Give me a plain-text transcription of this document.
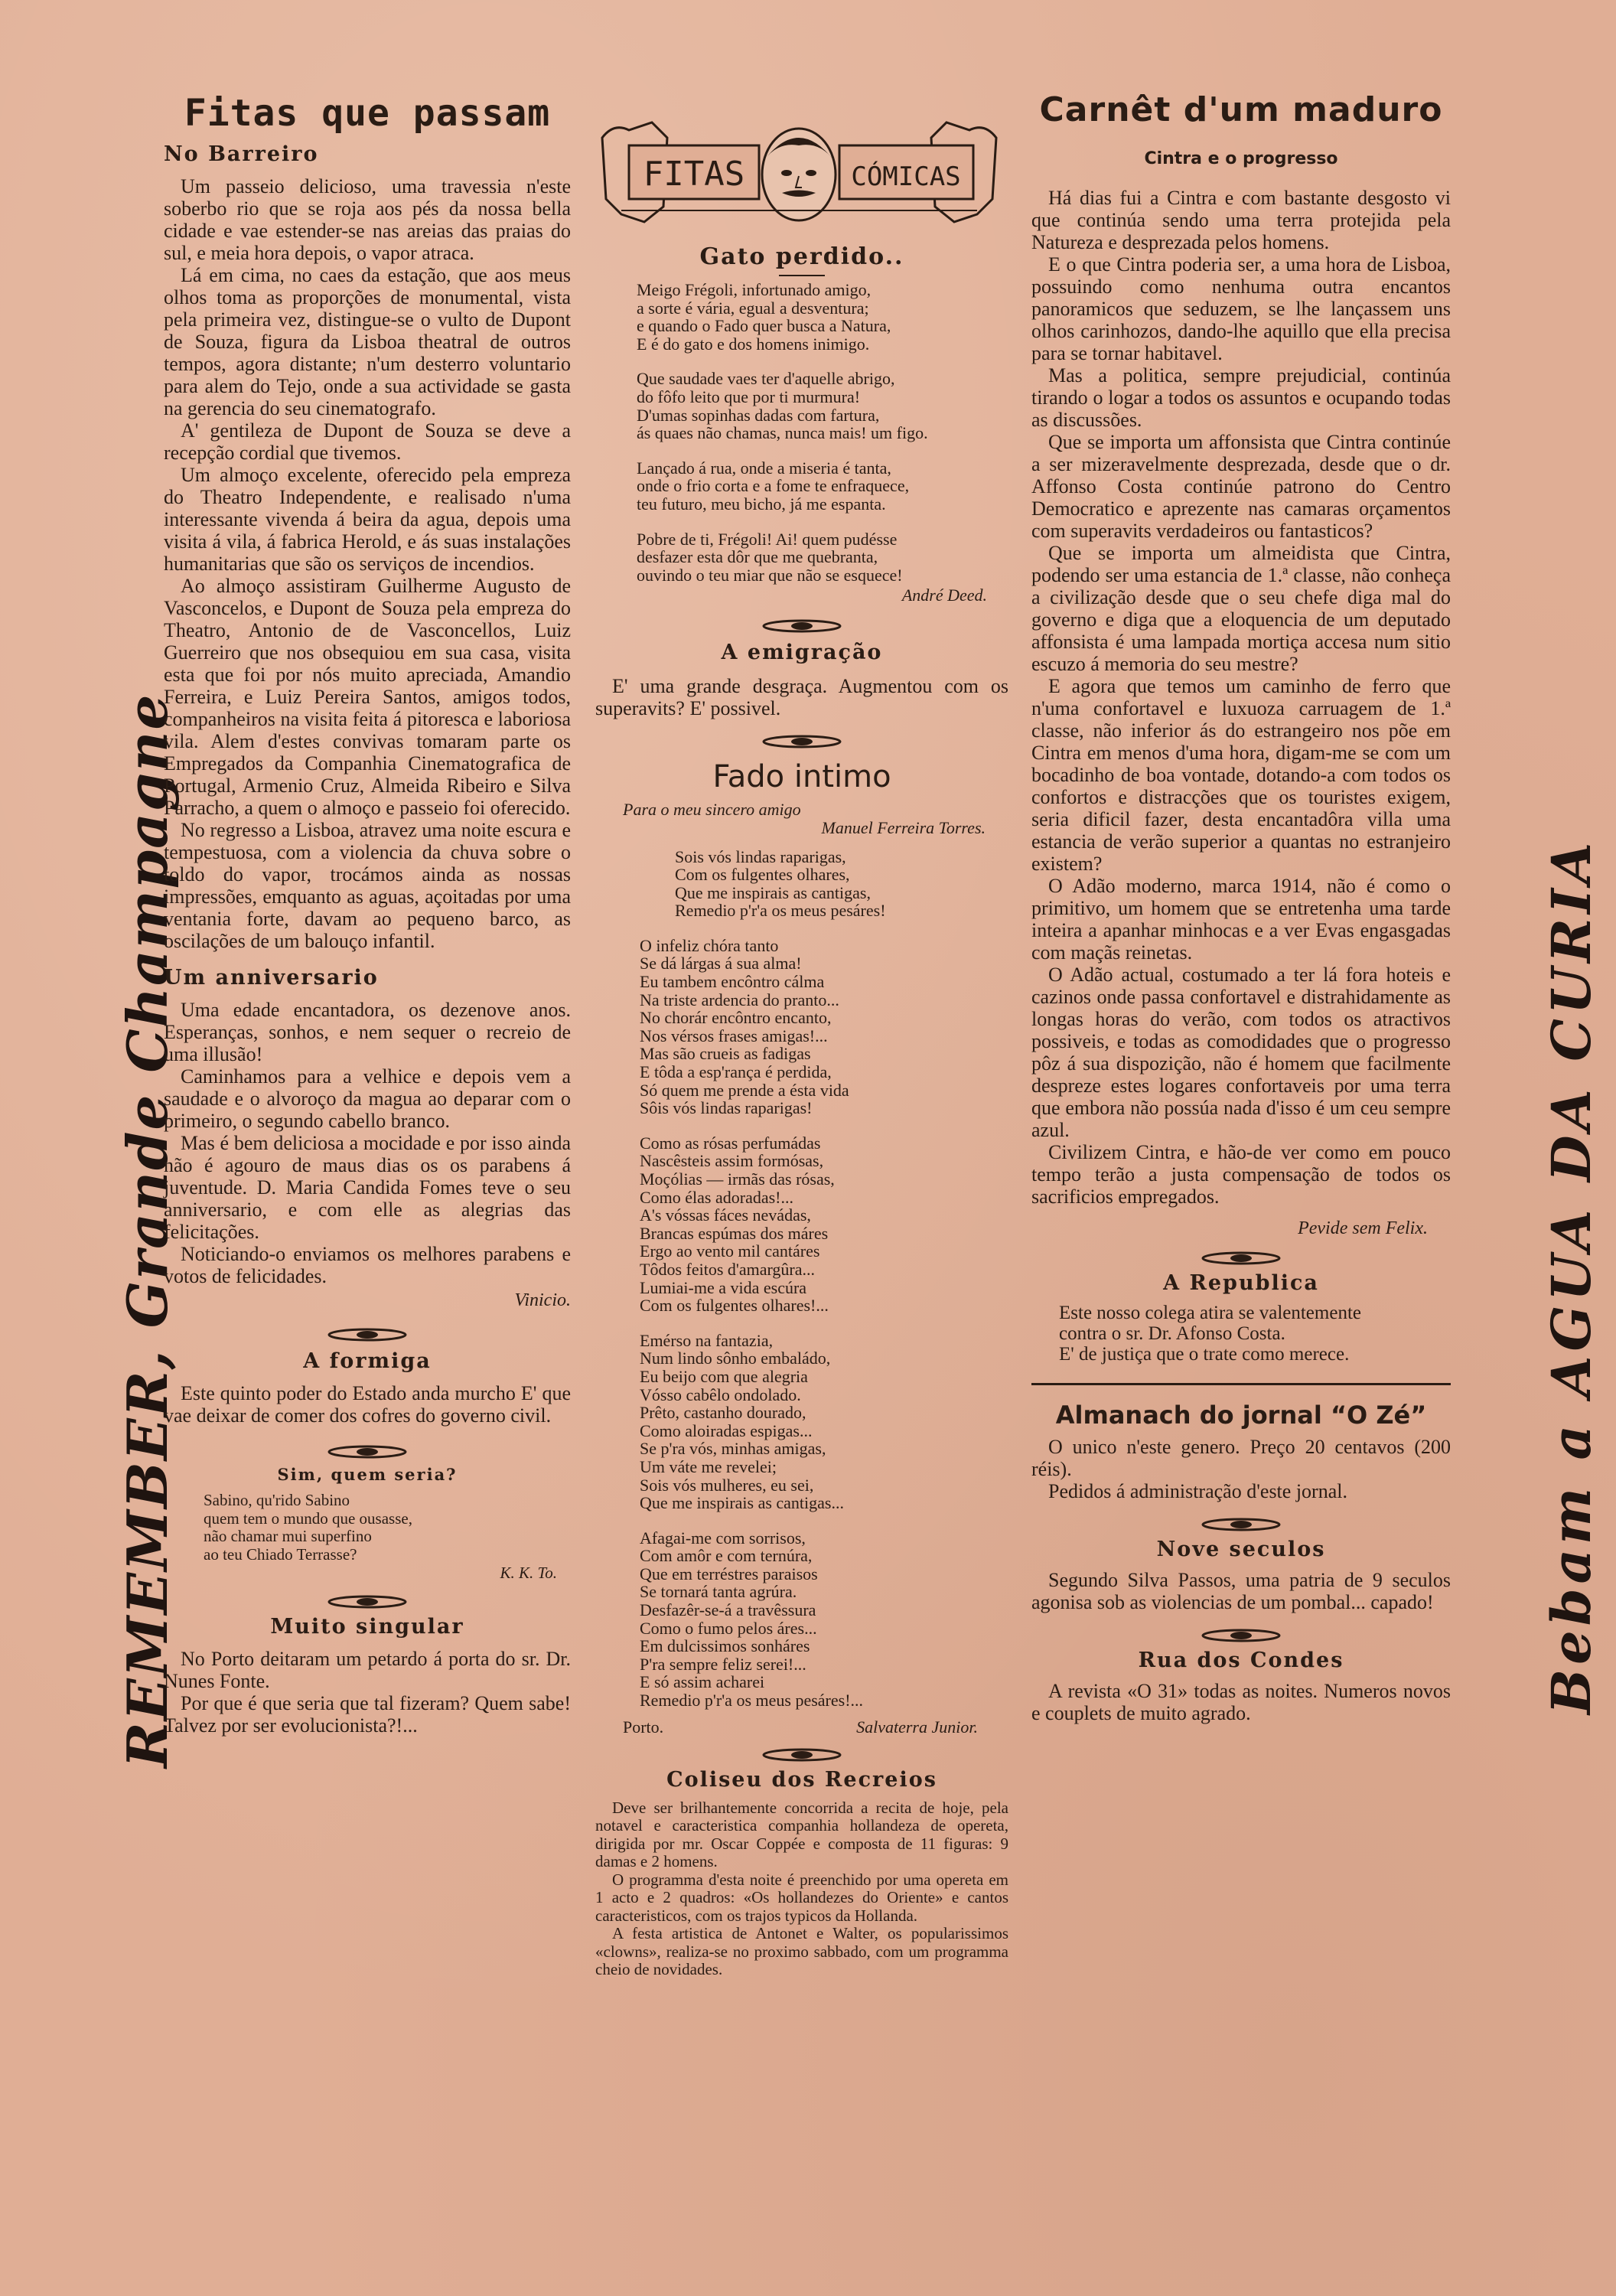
REMEMBER, Grande Champagne	Bebam a AGUA DA CURIA
Fitas que passam
No Barreiro

Um passeio delicioso, uma travessia n'este soberbo rio que se roja aos pés da nossa bella cidade e vae estender-se nas areias das praias do sul, e meia hora depois, o vapor atraca.

Lá em cima, no caes da estação, que aos meus olhos toma as proporções de monumental, vista pela primeira vez, distingue-se o vulto de Dupont de Souza, figura da Lisboa theatral de outros tempos, agora distante; n'um desterro voluntario para alem do Tejo, onde a sua actividade se gasta na gerencia do seu cinematografo.

A' gentileza de Dupont de Souza se deve a recepção cordial que tivemos.

Um almoço excelente, oferecido pela empreza do Theatro Independente, e realisado n'uma interessante vivenda á beira da agua, depois uma visita á vila, á fabrica Herold, e ás suas instalações humanitarias que são os serviços de incendios.

Ao almoço assistiram Guilherme Augusto de Vasconcelos, e Dupont de Souza pela empreza do Theatro, Antonio de de Vasconcellos, Luiz Guerreiro que nos obsequiou em sua casa, visita esta que foi por nós muito apreciada, Amandio Ferreira, e Luiz Pereira Santos, amigos todos, companheiros na visita feita á pitoresca e laboriosa vila. Alem d'estes convivas tomaram parte os Empregados da Companhia Cinematografica de Portugal, Armenio Cruz, Almeida Ribeiro e Silva Parracho, a quem o almoço e passeio foi oferecido.

No regresso a Lisboa, atravez uma noite escura e tempestuosa, com a violencia da chuva sobre o toldo do vapor, trocámos ainda as nossas impressões, emquanto as aguas, açoitadas por uma ventania forte, davam ao pequeno barco, as oscilações de um balouço infantil.

Um anniversario

Uma edade encantadora, os dezenove anos. Esperanças, sonhos, e nem sequer o recreio de uma illusão!

Caminhamos para a velhice e depois vem a saudade e o alvoroço da magua ao deparar com o primeiro, o segundo cabello branco.

Mas é bem deliciosa a mocidade e por isso ainda não é agouro de maus dias os os parabens á juventude. D. Maria Candida Fomes teve o seu anniversario, e com elle as alegrias das felicitações.

Noticiando-o enviamos os melhores parabens e votos de felicidades.

Vinicio.

A formiga

Este quinto poder do Estado anda murcho E' que vae deixar de comer dos cofres do governo civil.

Sim, quem seria?
Sabino, qu'rido Sabino
quem tem o mundo que ousasse,
não chamar mui superfino
ao teu Chiado Terrasse?

K. K. To.

Muito singular

No Porto deitaram um petardo á porta do sr. Dr. Nunes Fonte.

Por que é que seria que tal fizeram? Quem sabe! Talvez por ser evolucionista?!...

FITAS	CÓMICAS
Gato perdido..
Meigo Frégoli, infortunado amigo,
a sorte é vária, egual a desventura;
e quando o Fado quer busca a Natura,
E é do gato e dos homens inimigo.
Que saudade vaes ter d'aquelle abrigo,
do fôfo leito que por ti murmura!
D'umas sopinhas dadas com fartura,
ás quaes não chamas, nunca mais! um figo.
Lançado á rua, onde a miseria é tanta,
onde o frio corta e a fome te enfraquece,
teu futuro, meu bicho, já me espanta.
Pobre de ti, Frégoli! Ai! quem pudésse
desfazer esta dôr que me quebranta,
ouvindo o teu miar que não se esquece!

André Deed.

A emigração

E' uma grande desgraça. Augmentou com os superavits? E' possivel.

Fado intimo
Para o meu sincero amigo
Manuel Ferreira Torres.
Sois vós lindas raparigas,
Com os fulgentes olhares,
Que me inspirais as cantigas,
Remedio p'r'a os meus pesáres!
O infeliz chóra tanto
Se dá lárgas á sua alma!
Eu tambem encôntro cálma
Na triste ardencia do pranto...
No chorár encôntro encanto,
Nos vérsos frases amigas!...
Mas são crueis as fadigas
E tôda a esp'rança é perdida,
Só quem me prende a ésta vida
Sôis vós lindas raparigas!
Como as rósas perfumádas
Nascêsteis assim formósas,
Moçólias — irmãs das rósas,
Como élas adoradas!...
A's vóssas fáces nevádas,
Brancas espúmas dos máres
Ergo ao vento mil cantáres
Tôdos feitos d'amargûra...
Lumiai-me a vida escúra
Com os fulgentes olhares!...
Emérso na fantazia,
Num lindo sônho embaládo,
Eu beijo com que alegria
Vósso cabêlo ondolado.
Prêto, castanho dourado,
Como aloiradas espigas...
Se p'ra vós, minhas amigas,
Um váte me revelei;
Sois vós mulheres, eu sei,
Que me inspirais as cantigas...
Afagai-me com sorrisos,
Com amôr e com ternúra,
Que em terréstres paraisos
Se tornará tanta agrúra.
Desfazêr-se-á a travêssura
Como o fumo pelos áres...
Em dulcissimos sonháres
P'ra sempre feliz serei!...
E só assim acharei
Remedio p'r'a os meus pesáres!...
Porto.	Salvaterra Junior.
Coliseu dos Recreios

Deve ser brilhantemente concorrida a recita de hoje, pela notavel e caracteristica companhia hollandeza de opereta, dirigida por mr. Oscar Coppée e composta de 11 figuras: 9 damas e 2 homens.

O programma d'esta noite é preenchido por uma opereta em 1 acto e 2 quadros: «Os hollandezes do Oriente» e cantos caracteristicos, com os trajos typicos da Hollanda.

A festa artistica de Antonet e Walter, os popularissimos «clowns», realiza-se no proximo sabbado, com um programma cheio de novidades.

Carnêt d'um maduro
Cintra e o progresso

Há dias fui a Cintra e com bastante desgosto vi que continúa sendo uma terra protejida pela Natureza e desprezada pelos homens.

E o que Cintra poderia ser, a uma hora de Lisboa, possuindo como nenhuma outra encantos panoramicos que seduzem, se lhe lançassem uns olhos carinhozos, dando-lhe aquillo que ella precisa para se tornar habitavel.

Mas a politica, sempre prejudicial, continúa tirando o logar a todos os assuntos e ocupando todas as discussões.

Que se importa um affonsista que Cintra continúe a ser mizeravelmente desprezada, desde que o dr. Affonso Costa continúe patrono do Centro Democratico e aprezente nas camaras orçamentos com superavits verdadeiros ou fantasticos?

Que se importa um almeidista que Cintra, podendo ser uma estancia de 1.ª classe, não conheça a civilização desde que o seu chefe diga mal do governo e diga que a eloquencia de um deputado affonsista é uma lampada mortiça accesa num sitio escuzo á memoria do seu mestre?

E agora que temos um caminho de ferro que n'uma confortavel e luxuoza carruagem de 1.ª classe, não inferior ás do estrangeiro nos põe em Cintra em menos d'uma hora, digam-me se com um bocadinho de boa vontade, dotando-a com todos os confortos e distracções que os touristes exigem, seria dificil fazer, desta encantadôra villa uma estancia de verão superior a quantas no estranjeiro existem?

O Adão moderno, marca 1914, não é como o primitivo, um homem que se entretenha uma tarde inteira a apanhar minhocas e a ver Evas engasgadas com maçãs reinetas.

O Adão actual, costumado a ter lá fora hoteis e cazinos onde passa confortavel e distrahidamente as longas horas do verão, com todos os atractivos possiveis, e todas as comodidades que o progresso pôz á sua dispozição, não é homem que facilmente despreze estes logares confortaveis por uma terra que embora não possúa nada d'isso é um ceu sempre azul.

Civilizem Cintra, e hão-de ver como em pouco tempo terão a justa compensação de todos os sacrificios empregados.

Pevide sem Felix.

A Republica
Este nosso colega atira se valentemente
contra o sr. Dr. Afonso Costa.
E' de justiça que o trate como merece.
Almanach do jornal “O Zé”

O unico n'este genero. Preço 20 centavos (200 réis).

Pedidos á administração d'este jornal.

Nove seculos

Segundo Silva Passos, uma patria de 9 seculos agonisa sob as violencias de um pombal... capado!

Rua dos Condes

A revista «O 31» todas as noites. Numeros novos e couplets de muito agrado.
